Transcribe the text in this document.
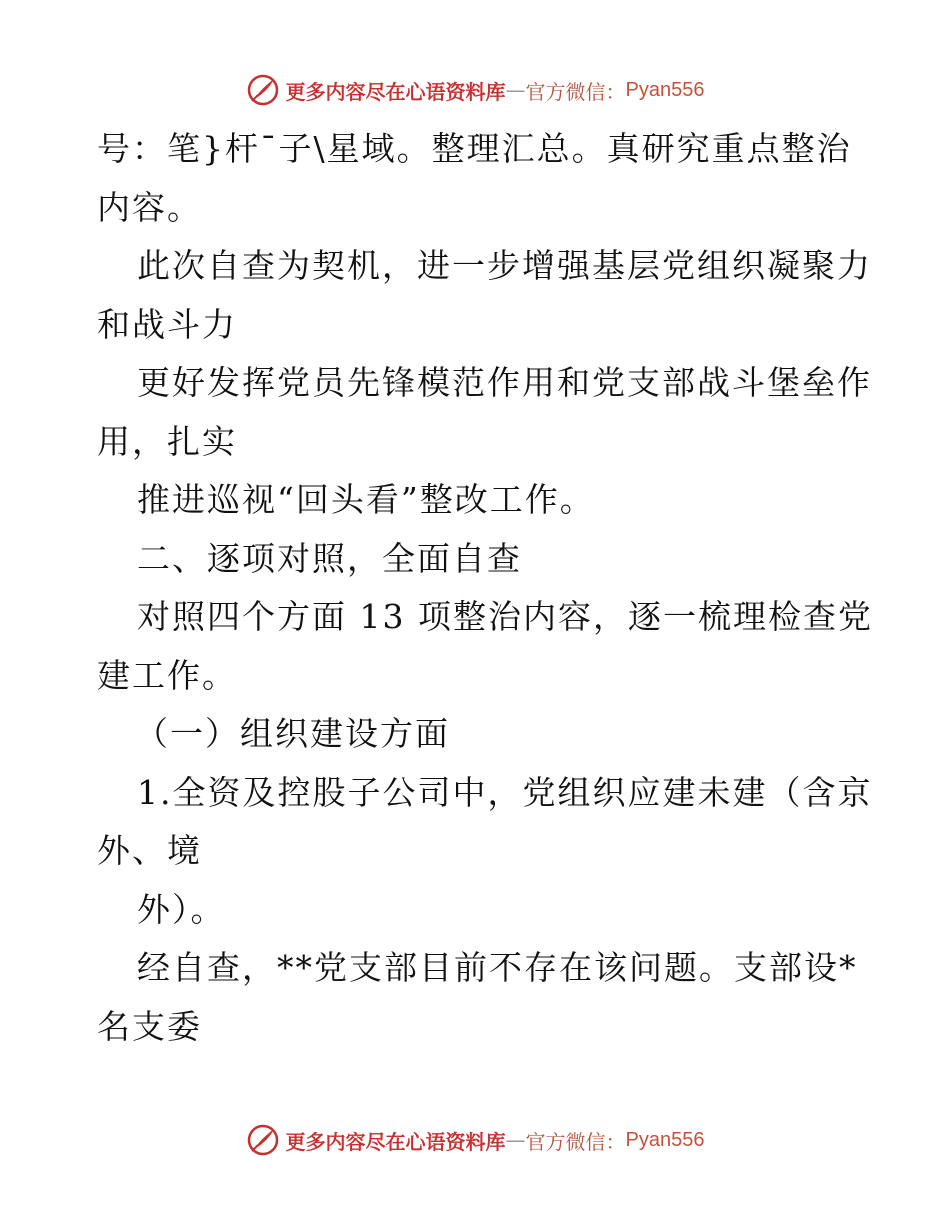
更多内容尽在心语资料库 — 官方微信： Pyan556
号：笔}杆¯子\星域。整理汇总。真研究重点整治
内容。
此次自查为契机，进一步增强基层党组织凝聚力
和战斗力
更好发挥党员先锋模范作用和党支部战斗堡垒作
用，扎实
推进巡视“回头看”整改工作。
二、逐项对照，全面自查
对照四个方面 13 项整治内容，逐一梳理检查党
建工作。
（一）组织建设方面
1.全资及控股子公司中，党组织应建未建（含京
外、境
外）。
经自查，**党支部目前不存在该问题。支部设*
名支委
更多内容尽在心语资料库 — 官方微信： Pyan556
